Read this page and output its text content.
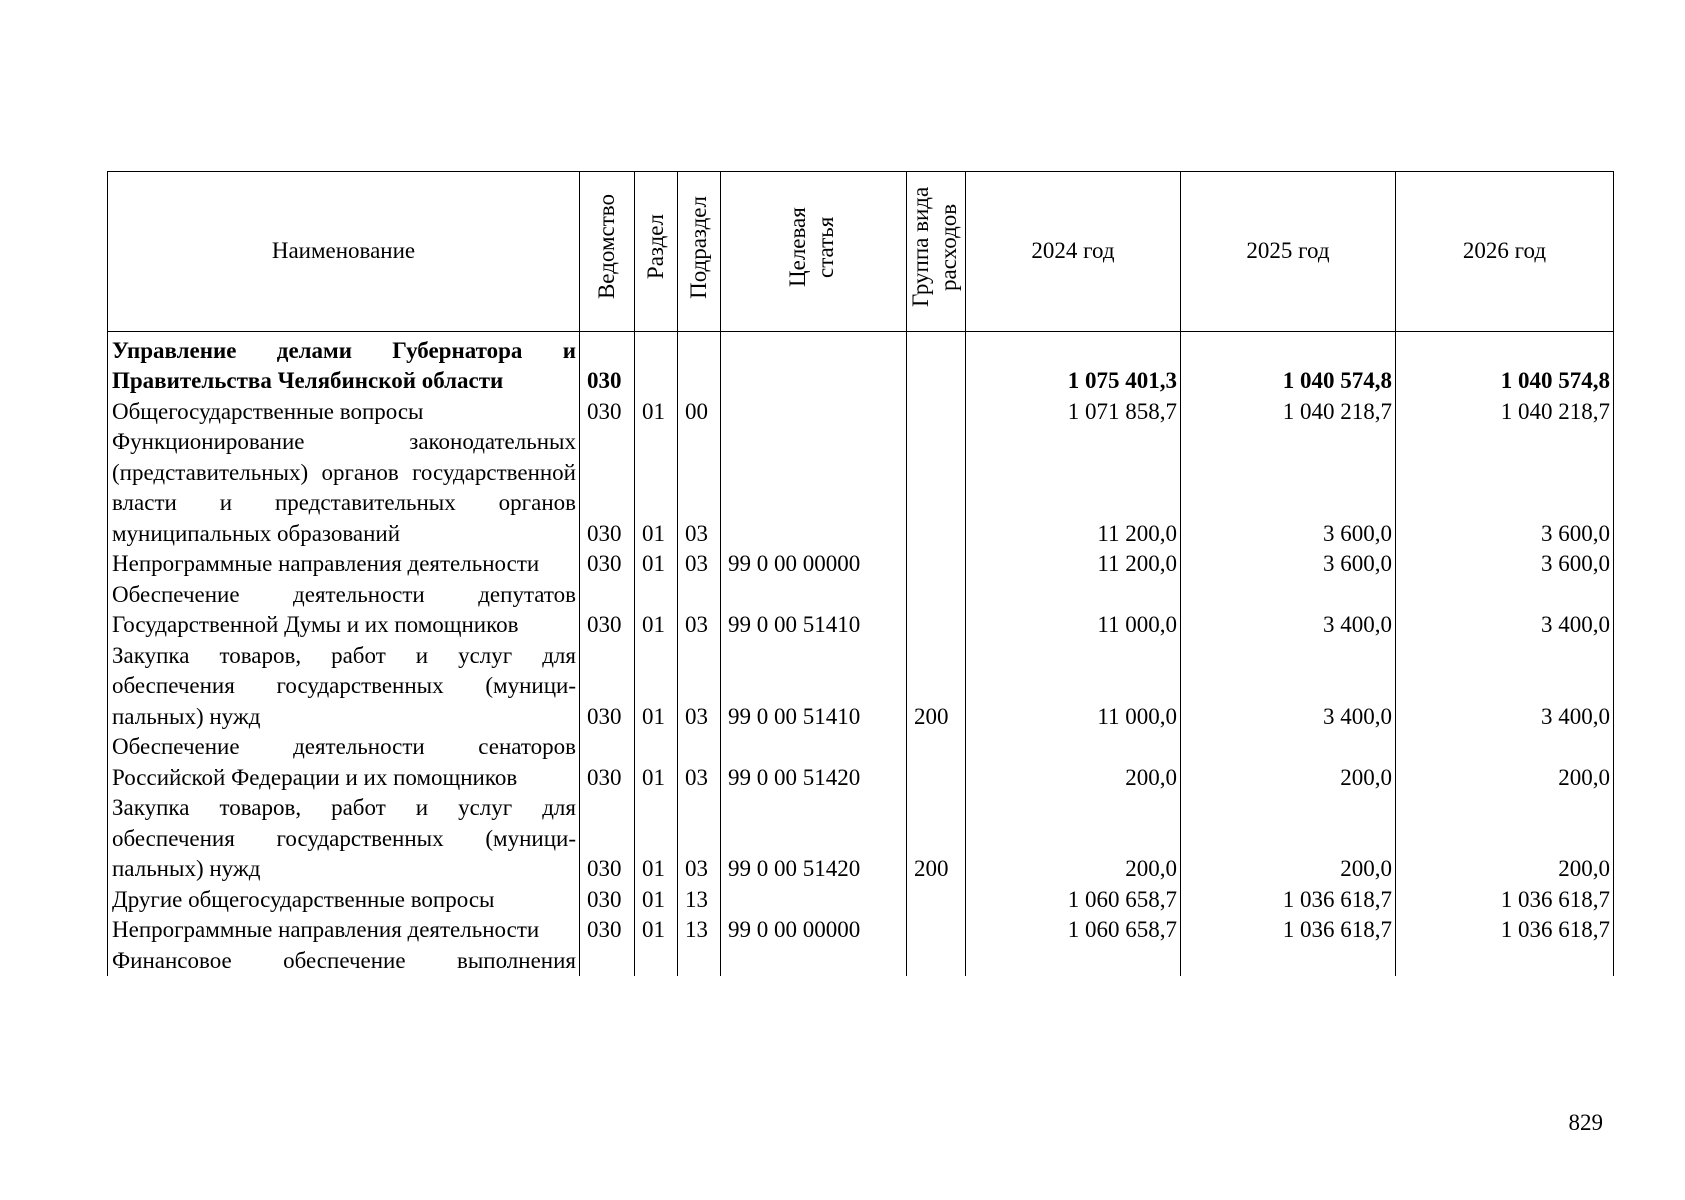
Наименование	Ведомство	Раздел	Подраздел	Целевая статья	Группа вида расходов	2024 год	2025 год	2026 год
Управление делами Губернатора и Правительства Челябинской области	030					1 075 401,3	1 040 574,8	1 040 574,8
Общегосударственные вопросы	030	01	00			1 071 858,7	1 040 218,7	1 040 218,7
Функционирование законодательных (представительных) органов государственной власти и представительных органов муниципальных образований	030	01	03			11 200,0	3 600,0	3 600,0
Непрограммные направления деятельности	030	01	03	99 0 00 00000		11 200,0	3 600,0	3 600,0
Обеспечение деятельности депутатов Государственной Думы и их помощников	030	01	03	99 0 00 51410		11 000,0	3 400,0	3 400,0
Закупка товаров, работ и услуг для обеспечения государственных (муниципальных) нужд	030	01	03	99 0 00 51410	200	11 000,0	3 400,0	3 400,0
Обеспечение деятельности сенаторов Российской Федерации и их помощников	030	01	03	99 0 00 51420		200,0	200,0	200,0
Закупка товаров, работ и услуг для обеспечения государственных (муниципальных) нужд	030	01	03	99 0 00 51420	200	200,0	200,0	200,0
Другие общегосударственные вопросы	030	01	13			1 060 658,7	1 036 618,7	1 036 618,7
Непрограммные направления деятельности	030	01	13	99 0 00 00000		1 060 658,7	1 036 618,7	1 036 618,7
Финансовое обеспечение выполнения								
829
